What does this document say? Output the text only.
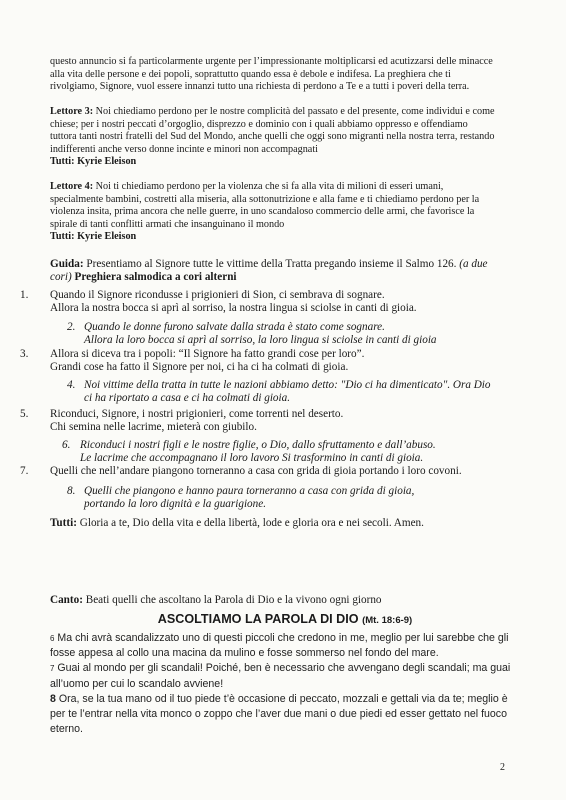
questo annuncio si fa particolarmente urgente per l’impressionante moltiplicarsi ed acutizzarsi delle minacce
alla vita delle persone e dei popoli, soprattutto quando essa è debole e indifesa. La preghiera che ti
rivolgiamo, Signore, vuol essere innanzi tutto una richiesta di perdono a Te e a tutti i poveri della terra.
Lettore 3: Noi chiediamo perdono per le nostre complicità del passato e del presente, come individui e come
chiese; per i nostri peccati d’orgoglio, disprezzo e dominio con i quali abbiamo oppresso e offendiamo
tuttora tanti nostri fratelli del Sud del Mondo, anche quelli che oggi sono migranti nella nostra terra, restando
indifferenti anche verso donne incinte e minori non accompagnati
Tutti: Kyrie Eleison
Lettore 4: Noi ti chiediamo perdono per la violenza che si fa alla vita di milioni di esseri umani,
specialmente bambini, costretti alla miseria, alla sottonutrizione e alla fame e ti chiediamo perdono per la
violenza insita, prima ancora che nelle guerre, in uno scandaloso commercio delle armi, che favorisce la
spirale di tanti conflitti armati che insanguinano il mondo
Tutti: Kyrie Eleison
Guida: Presentiamo al Signore tutte le vittime della Tratta pregando insieme il Salmo 126. (a due
cori) Preghiera salmodica a cori alterni
1. Quando il Signore ricondusse i prigionieri di Sion, ci sembrava di sognare.
Allora la nostra bocca si aprì al sorriso, la nostra lingua si sciolse in canti di gioia.
2. Quando le donne furono salvate dalla strada è stato come sognare.
Allora la loro bocca si aprì al sorriso, la loro lingua si sciolse in canti di gioia
3. Allora si diceva tra i popoli: “Il Signore ha fatto grandi cose per loro”.
Grandi cose ha fatto il Signore per noi, ci ha ci ha colmati di gioia.
4. Noi vittime della tratta in tutte le nazioni abbiamo detto: "Dio ci ha dimenticato". Ora Dio
ci ha riportato a casa e ci ha colmati di gioia.
5. Riconduci, Signore, i nostri prigionieri, come torrenti nel deserto.
Chi semina nelle lacrime, mieterà con giubilo.
6. Riconduci i nostri figli e le nostre figlie, o Dio, dallo sfruttamento e dall’abuso.
Le lacrime che accompagnano il loro lavoro Si trasformino in canti di gioia.
7. Quelli che nell’andare piangono torneranno a casa con grida di gioia portando i loro covoni.
8. Quelli che piangono e hanno paura torneranno a casa con grida di gioia,
portando la loro dignità e la guarigione.
Tutti: Gloria a te, Dio della vita e della libertà, lode e gloria ora e nei secoli. Amen.
Canto: Beati quelli che ascoltano la Parola di Dio e la vivono ogni giorno
ASCOLTIAMO LA PAROLA DI DIO (Mt. 18:6-9)
6 Ma chi avrà scandalizzato uno di questi piccoli che credono in me, meglio per lui sarebbe che gli
fosse appesa al collo una macina da mulino e fosse sommerso nel fondo del mare.
7 Guai al mondo per gli scandali! Poiché, ben è necessario che avvengano degli scandali; ma guai
all’uomo per cui lo scandalo avviene!
8 Ora, se la tua mano od il tuo piede t’è occasione di peccato, mozzali e gettali via da te; meglio è
per te l’entrar nella vita monco o zoppo che l’aver due mani o due piedi ed esser gettato nel fuoco
eterno.
2
